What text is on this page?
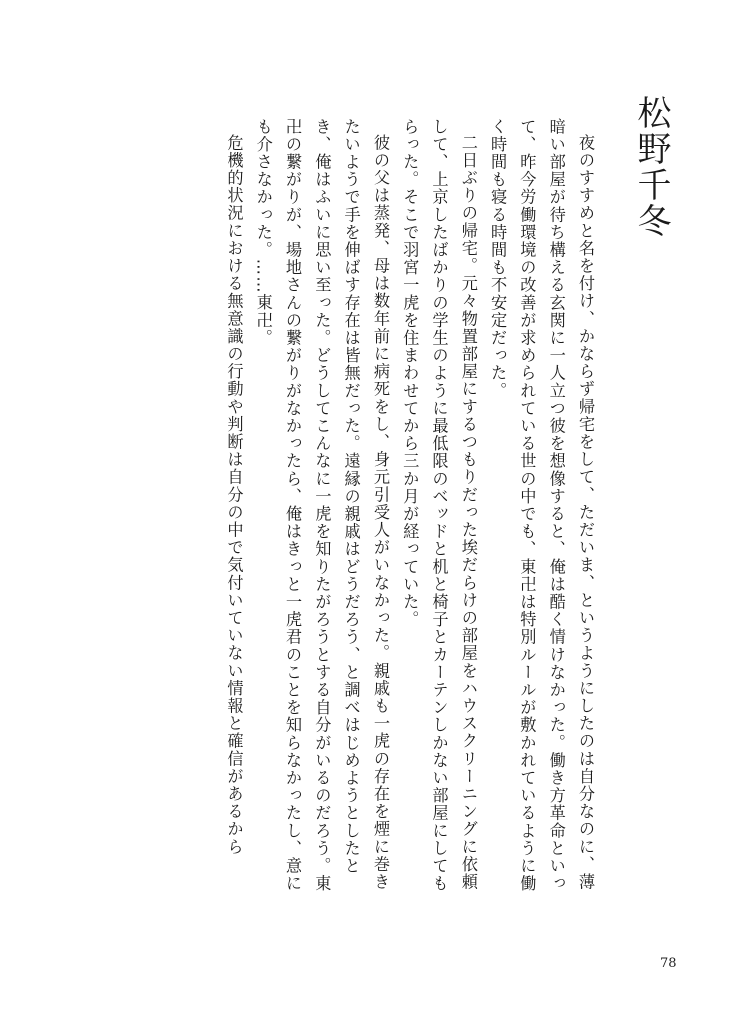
松野千冬

夜のすすめと名を付け、かならず帰宅をして、ただいま、というようにしたのは自分なのに、薄暗い部屋が待ち構える玄関に一人立つ彼を想像すると、俺は酷く情けなかった。働き方革命といって、昨今労働環境の改善が求められている世の中でも、東卍は特別ルールが敷かれているように働く時間も寝る時間も不安定だった。

二日ぶりの帰宅。元々物置部屋にするつもりだった埃だらけの部屋をハウスクリーニングに依頼して、上京したばかりの学生のように最低限のベッドと机と椅子とカーテンしかない部屋にしてもらった。そこで羽宮一虎を住まわせてから三か月が経っていた。

彼の父は蒸発、母は数年前に病死をし、身元引受人がいなかった。親戚も一虎の存在を煙に巻きたいようで手を伸ばす存在は皆無だった。遠縁の親戚はどうだろう、と調べはじめようとしたとき、俺はふいに思い至った。どうしてこんなに一虎を知りたがろうとする自分がいるのだろう。東卍の繋がりが、場地さんの繋がりがなかったら、俺はきっと一虎君のことを知らなかったし、意にも介さなかった。……東卍。

危機的状況における無意識の行動や判断は自分の中で気付いていない情報と確信があるから

78
